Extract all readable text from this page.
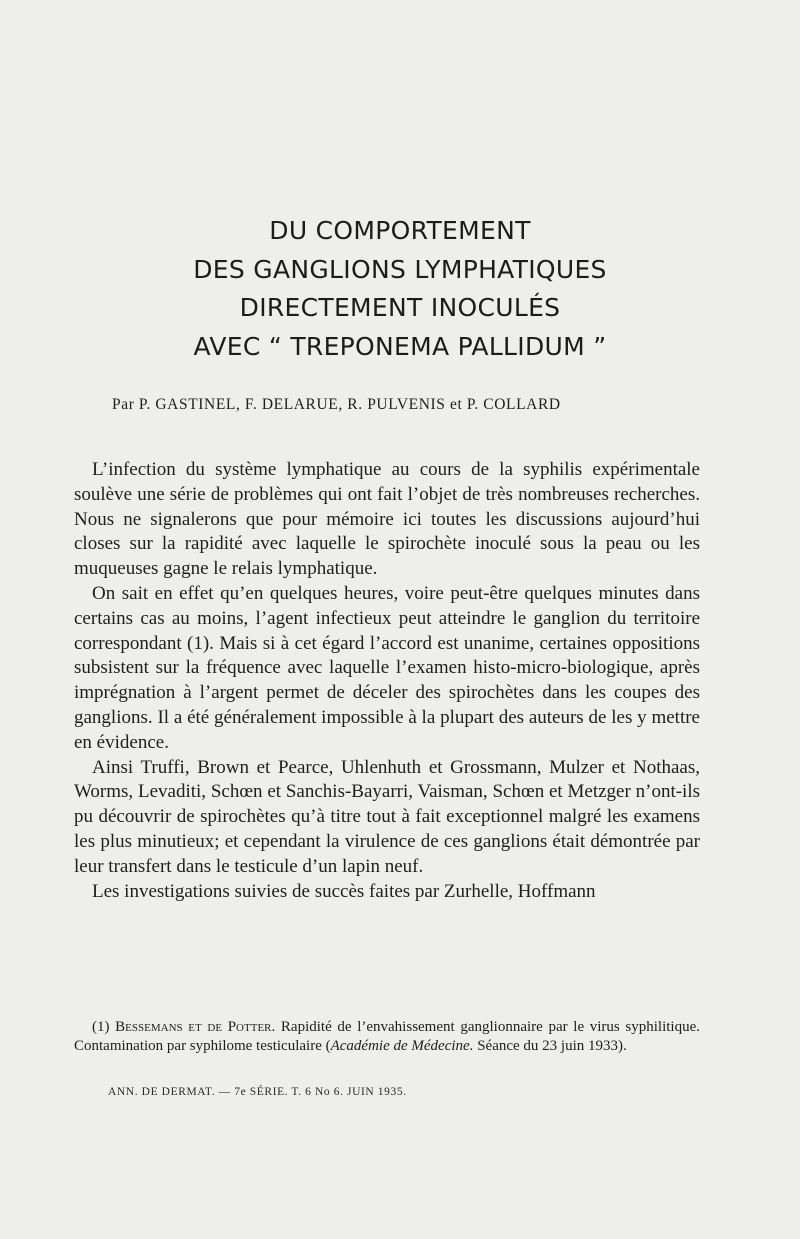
DU COMPORTEMENT
DES GANGLIONS LYMPHATIQUES
DIRECTEMENT INOCULÉS
AVEC “ TREPONEMA PALLIDUM ”
Par P. GASTINEL, F. DELARUE, R. PULVENIS et P. COLLARD

L’infection du système lymphatique au cours de la syphilis expérimentale soulève une série de problèmes qui ont fait l’objet de très nombreuses recherches. Nous ne signalerons que pour mémoire ici toutes les discussions aujourd’hui closes sur la rapidité avec laquelle le spirochète inoculé sous la peau ou les muqueuses gagne le relais lymphatique.

On sait en effet qu’en quelques heures, voire peut-être quelques minutes dans certains cas au moins, l’agent infectieux peut atteindre le ganglion du territoire correspondant (1). Mais si à cet égard l’accord est unanime, certaines oppositions subsistent sur la fréquence avec laquelle l’examen histo-micro-biologique, après imprégnation à l’argent permet de déceler des spirochètes dans les coupes des ganglions. Il a été généralement impossible à la plupart des auteurs de les y mettre en évidence.

Ainsi Truffi, Brown et Pearce, Uhlenhuth et Grossmann, Mulzer et Nothaas, Worms, Levaditi, Schœn et Sanchis-Bayarri, Vaisman, Schœn et Metzger n’ont-ils pu découvrir de spirochètes qu’à titre tout à fait exceptionnel malgré les examens les plus minutieux; et cependant la virulence de ces ganglions était démontrée par leur transfert dans le testicule d’un lapin neuf.

Les investigations suivies de succès faites par Zurhelle, Hoffmann

(1) Bessemans et de Potter. Rapidité de l’envahissement ganglionnaire par le virus syphilitique. Contamination par syphilome testiculaire (Académie de Médecine. Séance du 23 juin 1933).
ANN. DE DERMAT. — 7e SÉRIE. T. 6 No 6. JUIN 1935.
